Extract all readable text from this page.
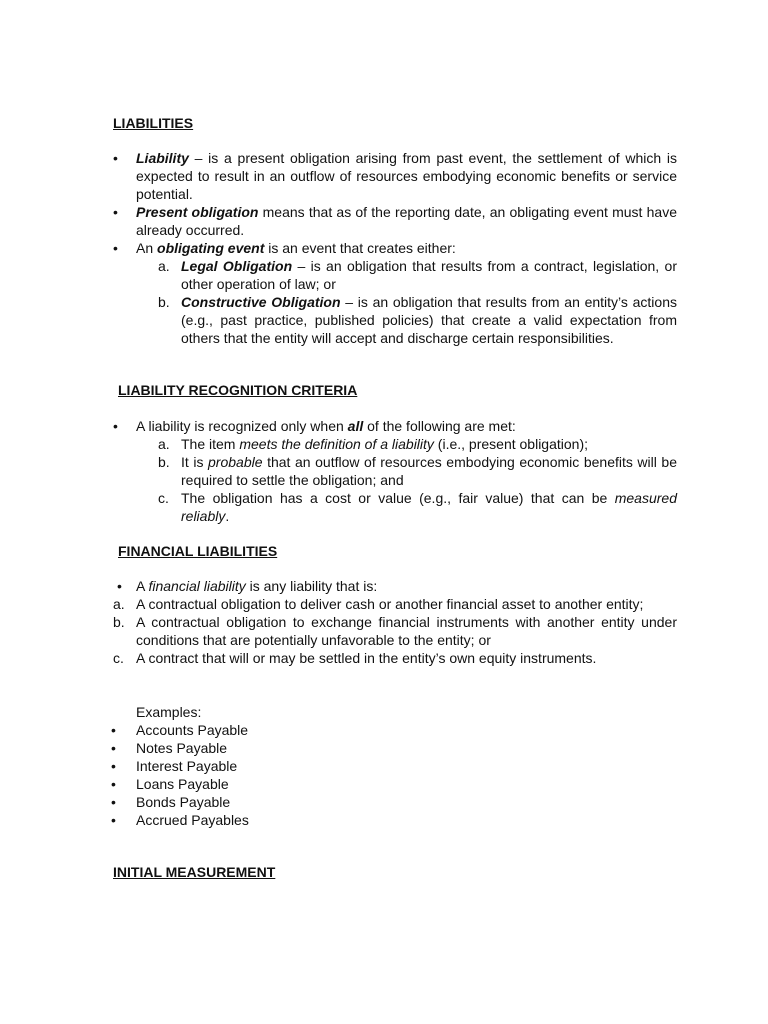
LIABILITIES

• Liability – is a present obligation arising from past event, the settlement of which is expected to result in an outflow of resources embodying economic benefits or service potential.
• Present obligation means that as of the reporting date, an obligating event must have already occurred.
• An obligating event is an event that creates either:
a. Legal Obligation – is an obligation that results from a contract, legislation, or other operation of law; or
b. Constructive Obligation – is an obligation that results from an entity’s actions (e.g., past practice, published policies) that create a valid expectation from others that the entity will accept and discharge certain responsibilities.

LIABILITY RECOGNITION CRITERIA

• A liability is recognized only when all of the following are met:
a. The item meets the definition of a liability (i.e., present obligation);
b. It is probable that an outflow of resources embodying economic benefits will be required to settle the obligation; and
c. The obligation has a cost or value (e.g., fair value) that can be measured reliably.

FINANCIAL LIABILITIES

• A financial liability is any liability that is:
a. A contractual obligation to deliver cash or another financial asset to another entity;
b. A contractual obligation to exchange financial instruments with another entity under conditions that are potentially unfavorable to the entity; or
c. A contract that will or may be settled in the entity’s own equity instruments.
Examples:
• Accounts Payable
• Notes Payable
• Interest Payable
• Loans Payable
• Bonds Payable
• Accrued Payables

INITIAL MEASUREMENT
